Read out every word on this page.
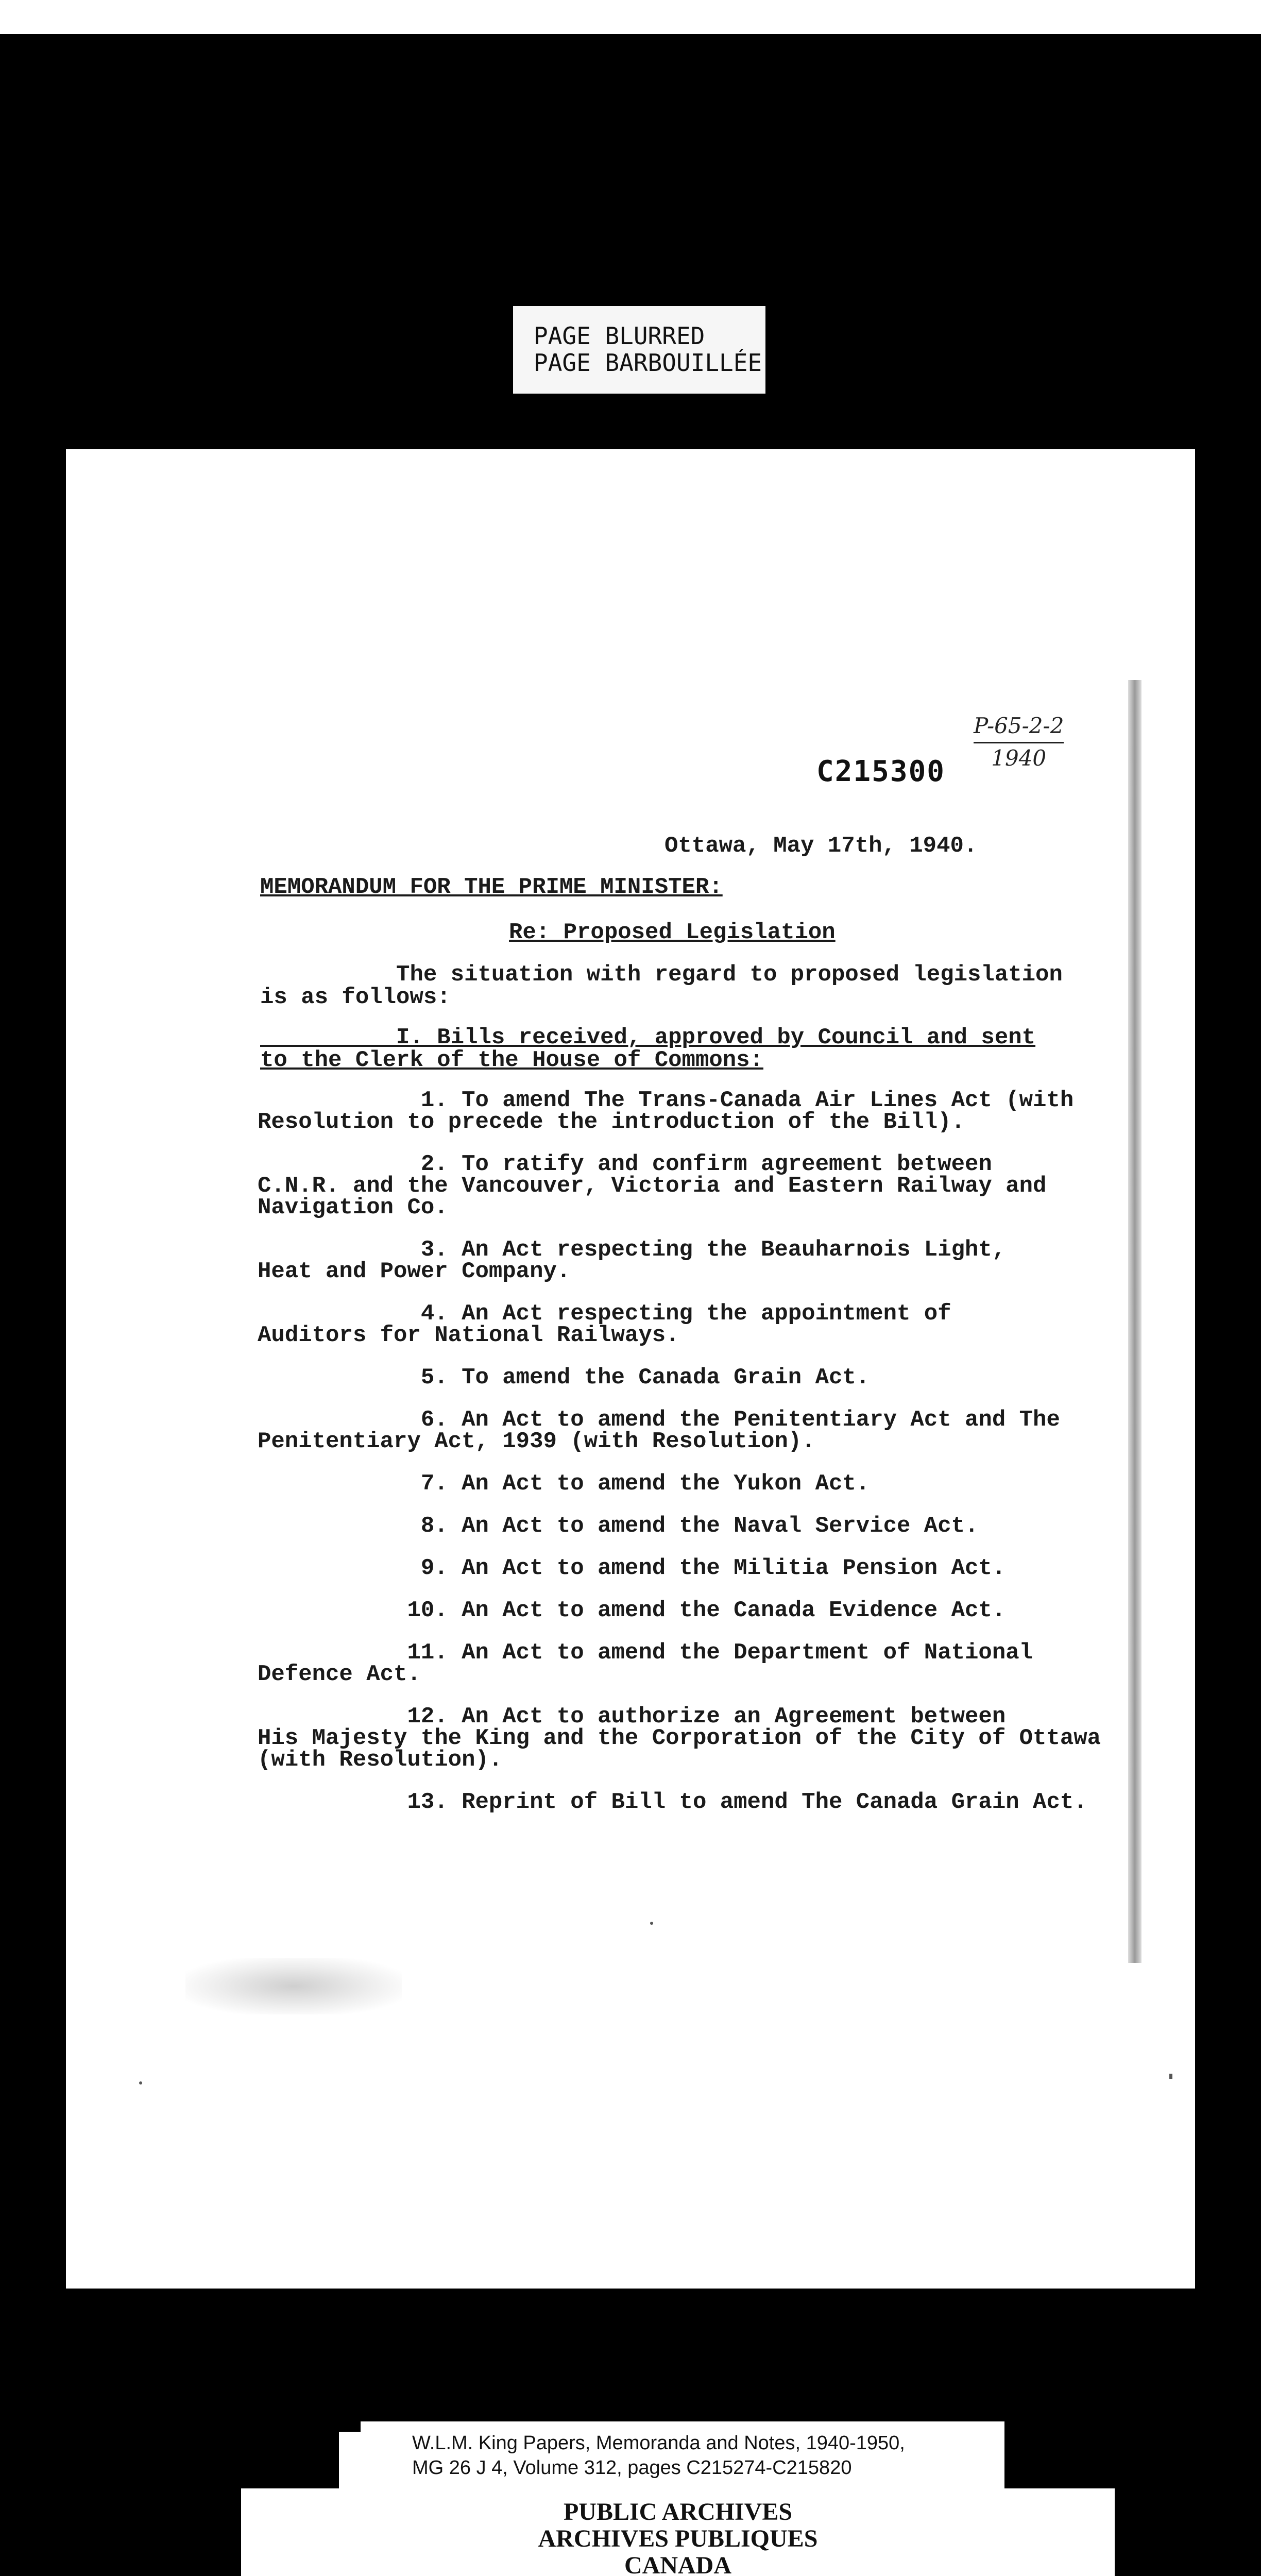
PAGE BLURRED
PAGE BARBOUILLÉE
P-65-2-2
1940
C215300
Ottawa, May 17th, 1940.
MEMORANDUM FOR THE PRIME MINISTER:
Re: Proposed Legislation
The situation with regard to proposed legislation
is as follows:
I. Bills received, approved by Council and sent
to the Clerk of the House of Commons:
1. To amend The Trans-Canada Air Lines Act (with
Resolution to precede the introduction of the Bill).
2. To ratify and confirm agreement between
C.N.R. and the Vancouver, Victoria and Eastern Railway and
Navigation Co.
3. An Act respecting the Beauharnois Light,
Heat and Power Company.
4. An Act respecting the appointment of
Auditors for National Railways.
5. To amend the Canada Grain Act.
6. An Act to amend the Penitentiary Act and The
Penitentiary Act, 1939 (with Resolution).
7. An Act to amend the Yukon Act.
8. An Act to amend the Naval Service Act.
9. An Act to amend the Militia Pension Act.
10. An Act to amend the Canada Evidence Act.
11. An Act to amend the Department of National
Defence Act.
12. An Act to authorize an Agreement between
His Majesty the King and the Corporation of the City of Ottawa
(with Resolution).
13. Reprint of Bill to amend The Canada Grain Act.
W.L.M. King Papers, Memoranda and Notes, 1940-1950,
MG 26 J 4, Volume 312, pages C215274-C215820
PUBLIC ARCHIVES
ARCHIVES PUBLIQUES
CANADA
